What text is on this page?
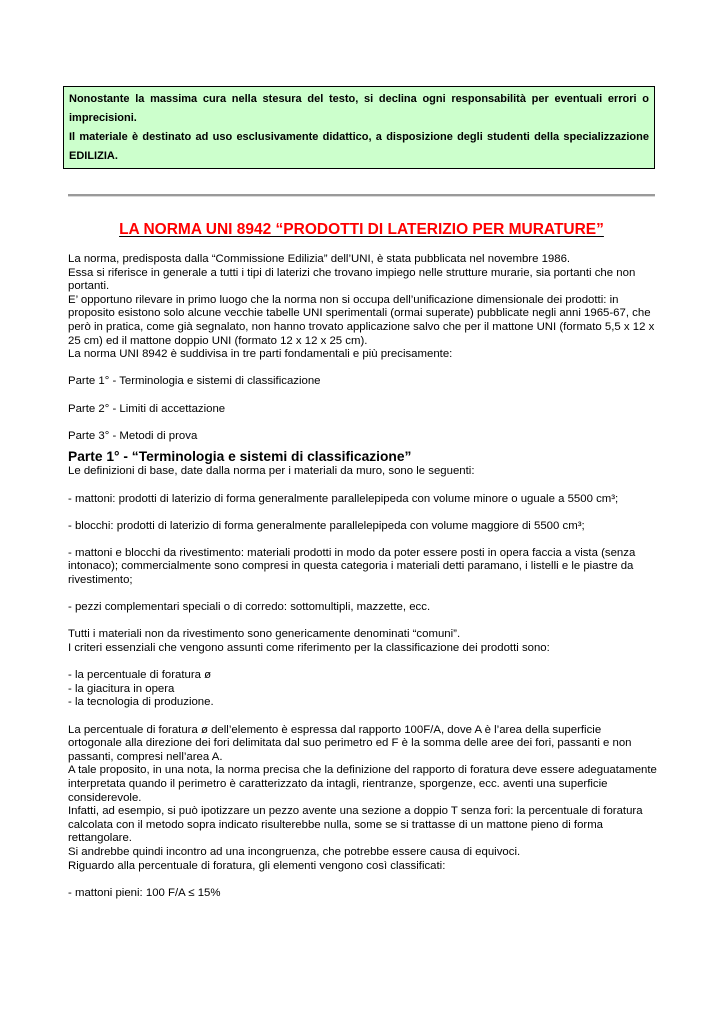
Nonostante la massima cura nella stesura del testo, si declina ogni responsabilità per eventuali errori o imprecisioni.

Il materiale è destinato ad uso esclusivamente didattico, a disposizione degli studenti della specializzazione EDILIZIA.

LA NORMA UNI 8942 “PRODOTTI DI LATERIZIO PER MURATURE”

La norma, predisposta dalla “Commissione Edilizia” dell’UNI, è stata pubblicata nel novembre 1986.

Essa si riferisce in generale a tutti i tipi di laterizi che trovano impiego nelle strutture murarie, sia portanti che non portanti.

E’ opportuno rilevare in primo luogo che la norma non si occupa dell’unificazione dimensionale dei prodotti: in proposito esistono solo alcune vecchie tabelle UNI sperimentali (ormai superate) pubblicate negli anni 1965-67, che però in pratica, come già segnalato, non hanno trovato applicazione salvo che per il mattone UNI (formato 5,5 x 12 x 25 cm) ed il mattone doppio UNI (formato 12 x 12 x 25 cm).

La norma UNI 8942 è suddivisa in tre parti fondamentali e più precisamente:

Parte 1° - Terminologia e sistemi di classificazione

Parte 2° - Limiti di accettazione

Parte 3° - Metodi di prova

Parte 1° - “Terminologia e sistemi di classificazione”

Le definizioni di base, date dalla norma per i materiali da muro, sono le seguenti:

- mattoni: prodotti di laterizio di forma generalmente parallelepipeda con volume minore o uguale a 5500 cm³;

- blocchi: prodotti di laterizio di forma generalmente parallelepipeda con volume maggiore di 5500 cm³;

- mattoni e blocchi da rivestimento: materiali prodotti in modo da poter essere posti in opera faccia a vista (senza intonaco); commercialmente sono compresi in questa categoria i materiali detti paramano, i listelli e le piastre da rivestimento;

- pezzi complementari speciali o di corredo: sottomultipli, mazzette, ecc.

Tutti i materiali non da rivestimento sono genericamente denominati “comuni”.

I criteri essenziali che vengono assunti come riferimento per la classificazione dei prodotti sono:

- la percentuale di foratura ø

- la giacitura in opera

- la tecnologia di produzione.

La percentuale di foratura ø dell’elemento è espressa dal rapporto 100F/A, dove A è l’area della superficie ortogonale alla direzione dei fori delimitata dal suo perimetro ed F è la somma delle aree dei fori, passanti e non passanti, compresi nell’area A.

A tale proposito, in una nota, la norma precisa che la definizione del rapporto di foratura deve essere adeguatamente interpretata quando il perimetro è caratterizzato da intagli, rientranze, sporgenze, ecc. aventi una superficie considerevole.

Infatti, ad esempio, si può ipotizzare un pezzo avente una sezione a doppio T senza fori: la percentuale di foratura calcolata con il metodo sopra indicato risulterebbe nulla, some se si trattasse di un mattone pieno di forma rettangolare.

Si andrebbe quindi incontro ad una incongruenza, che potrebbe essere causa di equivoci.

Riguardo alla percentuale di foratura, gli elementi vengono così classificati:

- mattoni pieni: 100 F/A ≤ 15%
